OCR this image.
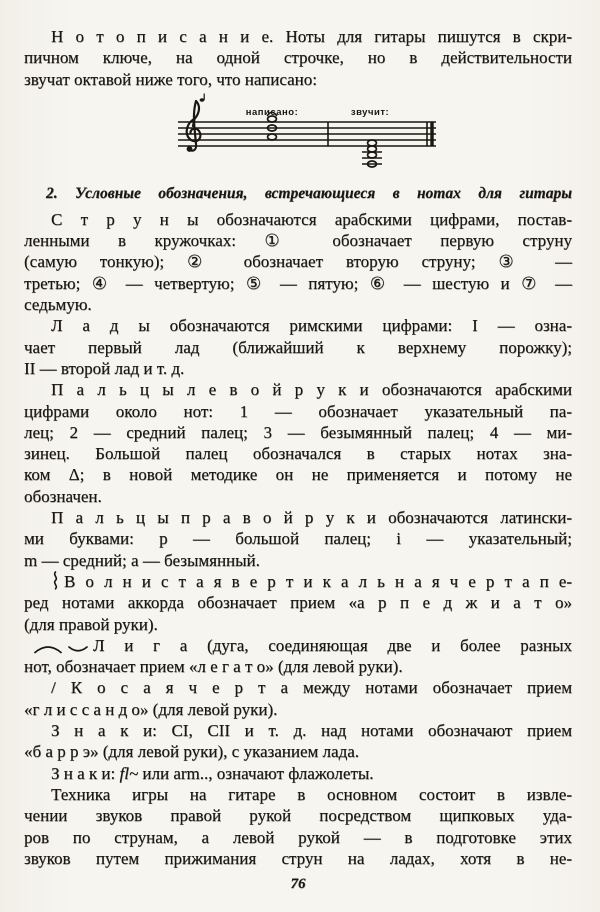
Н о т о п и с а н и е. Ноты для гитары пишутся в скри-
пичном ключе, на одной строчке, но в действительности
звучат октавой ниже того, что написано:
написано:	звучит:
2. Условные обозначения, встречающиеся в нотах для гитары
С т р у н ы обозначаются арабскими цифрами, постав-
ленными в кружочках: ① обозначает первую струну
(самую тонкую); ② обозначает вторую струну; ③ —
третью; ④ — четвертую; ⑤ — пятую; ⑥ — шестую и ⑦ —
седьмую.
Л а д ы обозначаются римскими цифрами: I — озна-
чает первый лад (ближайший к верхнему порожку);
II — второй лад и т. д.
П а л ь ц ы л е в о й р у к и обозначаются арабскими
цифрами около нот: 1 — обозначает указательный па-
лец; 2 — средний палец; 3 — безымянный палец; 4 — ми-
зинец. Большой палец обозначался в старых нотах зна-
ком Δ; в новой методике он не применяется и потому не
обозначен.
П а л ь ц ы п р а в о й р у к и обозначаются латински-
ми буквами: p — большой палец; i — указательный;
m — средний; a — безымянный.
В о л н и с т а я в е р т и к а л ь н а я ч е р т а п е-
ред нотами аккорда обозначает прием «а р п е д ж и а т о»
(для правой руки).
Л и г а (дуга, соединяющая две и более разных
нот, обозначает прием «л е г а т о» (для левой руки).
/ К о с а я ч е р т а между нотами обозначает прием
«г л и с с а н д о» (для левой руки).
З н а к и: CI, CII и т. д. над нотами обозначают прием
«б а р р э» (для левой руки), с указанием лада.
З н а к и: fl~ или arm.., означают флажолеты.
Техника игры на гитаре в основном состоит в извле-
чении звуков правой рукой посредством щипковых уда-
ров по струнам, а левой рукой — в подготовке этих
звуков путем прижимания струн на ладах, хотя в не-
76
